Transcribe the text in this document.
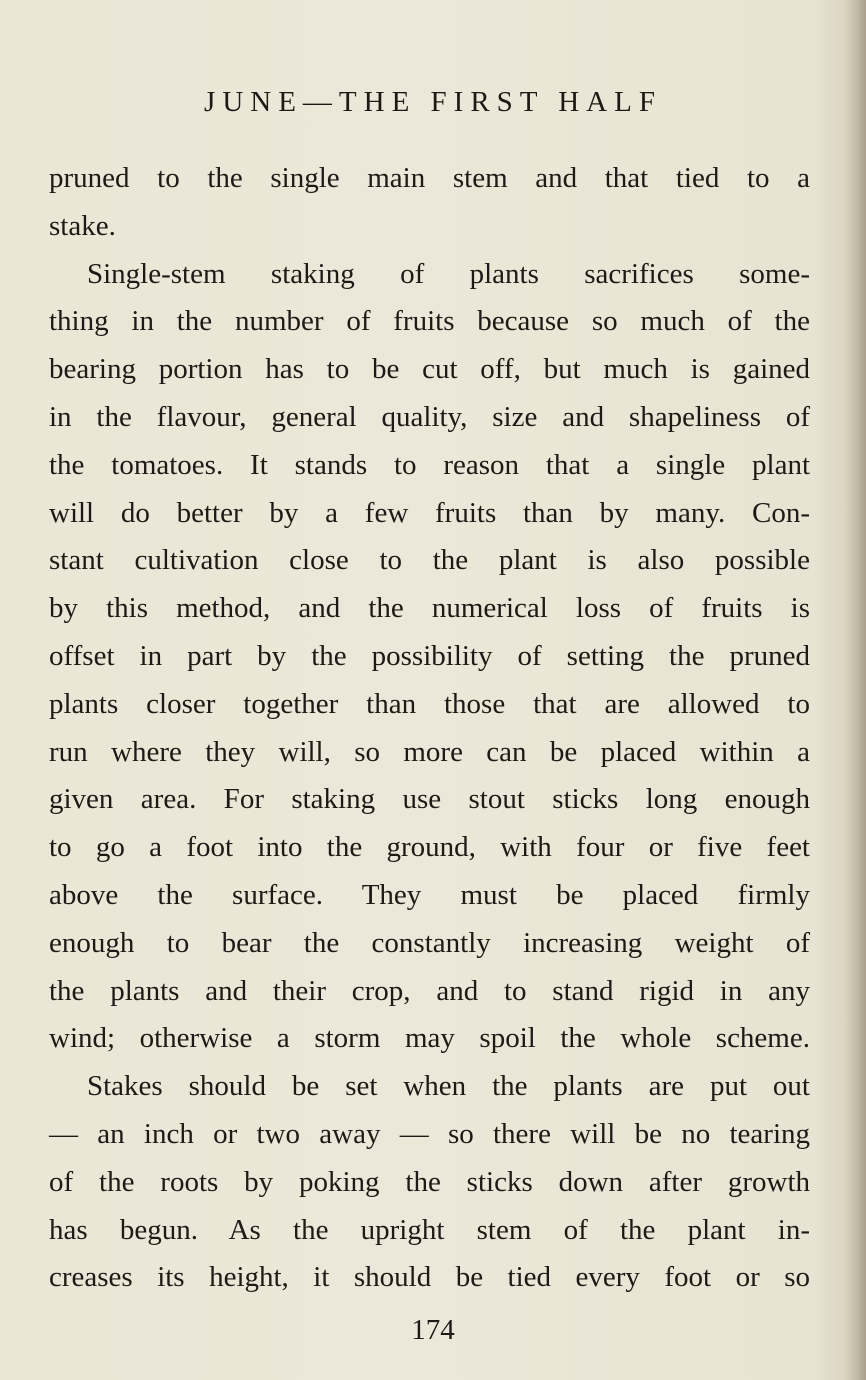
JUNE—THE FIRST HALF
pruned to the single main stem and that tied to a
stake.
Single-stem staking of plants sacrifices some-
thing in the number of fruits because so much of the
bearing portion has to be cut off, but much is gained
in the flavour, general quality, size and shapeliness of
the tomatoes. It stands to reason that a single plant
will do better by a few fruits than by many. Con-
stant cultivation close to the plant is also possible
by this method, and the numerical loss of fruits is
offset in part by the possibility of setting the pruned
plants closer together than those that are allowed to
run where they will, so more can be placed within a
given area. For staking use stout sticks long enough
to go a foot into the ground, with four or five feet
above the surface. They must be placed firmly
enough to bear the constantly increasing weight of
the plants and their crop, and to stand rigid in any
wind; otherwise a storm may spoil the whole scheme.
Stakes should be set when the plants are put out
— an inch or two away — so there will be no tearing
of the roots by poking the sticks down after growth
has begun. As the upright stem of the plant in-
creases its height, it should be tied every foot or so
174
